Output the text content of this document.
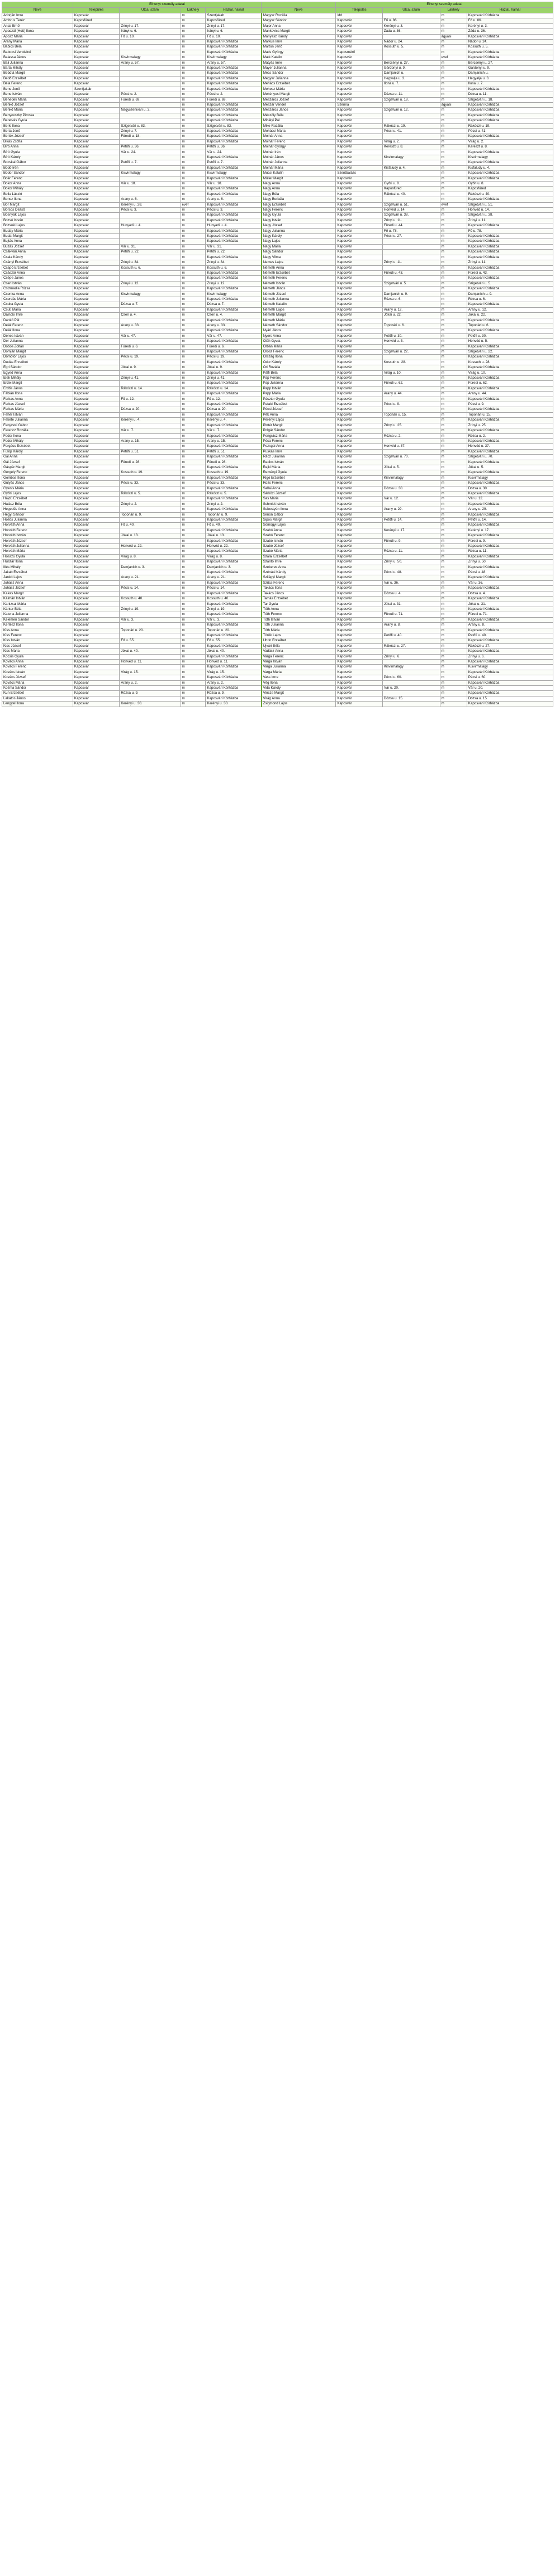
	Elhunyt személy adatai					Elhunyt személy adatai			
Neve	Település	Utca, szám	Lakhely	Hazlal. halnal	Neve	Település	Utca, szám	Lakhely	Hazlal. halnal
Adorján Imre	Kaposvár		m	Szentjakab	Magyar Rozália	Idd		m	Kaposvári Kórházba
Ambrus Teréz	Kaposfüred		m	Kaposfüred	Magyar Sándor	Kaposvár	Fő u. 86.	m	Fő u. 86.
Antal Ernő	Kaposvár	Zrínyi u. 17.	m	Zrínyi u. 17.	Major Anna	Kaposvár	Kerényi u. 3.	m	Kerényi u. 3.
Apaczál (Hott) Ilona	Kaposvár	Irányi u. 6.	m	Irányi u. 6.	Mankovics Margit	Kaposvár	Záda u. 36.	m	Záda u. 36.
Aposz Mária	Kaposvár	Fő u. 10.	m	Fő u. 10.	Manyesz Károly	Kaposvár		ágyasi	Kaposvári Kórházba
Arany Mária	Kaposvár		m	Kaposvári Kórházba	Márkus Imre	Kaposvár	Nádor u. 24.	m	Nádor u. 24.
Babics Béla	Kaposvár		m	Kaposvári Kórházba	Marton Jenő	Kaposvár	Kossuth u. 5.	m	Kossuth u. 5.
Babocsi Vendelné	Kaposvár		m	Kaposvári Kórházba	Matis György	Kaposmérő		m	Kaposvári Kórházba
Balassa János	Kaposvár	Kisvirmalagy	m	Kisvirmalagy	Matk Katalin	Kaposvár		evef	Kaposvári Kórházba
Bali Julianna	Kaposvár	Arany u. 57.	m	Arany u. 57.	Mátyás Imre	Kaposvár	Bercsényi u. 27.	m	Bercsényi u. 27.
Barta Mihály	Kaposvár		m	Kaposvári Kórházba	Mayer Julianna	Kaposvár	Gárdonyi u. 9.	m	Gárdonyi u. 9.
Bebdtá Margit	Kaposvár		m	Kaposvári Kórházba	Mécs Sándor	Kaposvár	Damjanich u.	m	Damjanich u.
Bedő Erzsébet	Kaposvár		m	Kaposvári Kórházba	Megyer Julianna	Kaposvár	Hegyalja u. 3.	m	Hegyalja u. 3.
Béla Ferenc	Kaposvár		m	Kaposvári Kórházba	Mehács Erzsébet	Kaposvár	Ilona u. 7.	m	Ilona u. 7.
Bene Jenő	Szentjakab		m	Kaposvári Kórházba	Mehesz Mária	Kaposvár		m	Kaposvári Kórházba
Bene István	Kaposvár	Pécsi u. 2.	m	Pécsi u. 2.	Mekényesi Margit	Kaposvár	Dózsa u. 11.	m	Dózsa u. 11.
Benedek Mária	Kaposvár	Füredi u. 69.	m	Füredi u. 69.	Mészáros József	Kaposvár	Szigetvári u. 18.	m	Szigetvári u. 18.
Benkő József	Kaposvár		m	Kaposvári Kórházba	Mészár Vendel	Szenna		ágyasi	Kaposvári Kórházba
Benkő Mária	Kaposvár	Nagyszenivári u. 3.	m	Kaposvári Kórházba	Mészáros János	Kaposvár	Szigetvári u. 12.	m	Kaposvári Kórházba
Benyovszky Piroska	Kaposvár		m	Kaposvári Kórházba	Mészöly Béla	Kaposvár		m	Kaposvári Kórházba
Beretvás Gyula	Kaposvár		m	Kaposvári Kórházba	Mihályi Pál	Kaposvár		m	Kaposvári Kórházba
Berki Ilona	Kaposvár	Szigetvári u. 83.	m	Szigetvári u. 83.	Mike Rozália	Kaposvár	Rákóczi u. 19.	m	Rákóczi u. 19.
Berta Jenő	Kaposvár	Zrínyi u. 7.	m	Kaposvári Kórházba	Mohácsi Mária	Kaposvár	Pécsi u. 41.	m	Pécsi u. 41.
Bertók József	Kaposvár	Füredi u. 18.	m	Kaposvári Kórházba	Molnár Anna	Kaposvár		m	Kaposvári Kórházba
Bikás Zsófia	Kaposvár		m	Kaposvári Kórházba	Molnár Ferenc	Kaposvár	Virág u. 2.	m	Virág u. 2.
Bíró Anna	Kaposvár	Petőfi u. 36.	m	Petőfi u. 36.	Molnár György	Kaposvár	Kereszt u. 8.	m	Kereszt u. 8.
Bíró Gyula	Kaposvár	Vár u. 24.	m	Vár u. 24.	Molnár Irén	Kaposvár		m	Kaposvári Kórházba
Bíró Károly	Kaposvár		m	Kaposvári Kórházba	Molnár János	Kaposvár	Kisvirmalagy	m	Kisvirmalagy
Bocskai Gábor	Kaposvár	Petőfi u. 7.	m	Petőfi u. 7.	Molnár Julianna	Kaposvár		m	Kaposvári Kórházba
Bodó Irén	Kaposvár		m	Kaposvári Kórházba	Molnár Mária	Kaposvár	Kisfaludy u. 4.	m	Kisfaludy u. 4.
Bodor Sándor	Kaposvár	Kisvirmalagy	m	Kisvirmalagy	Mucsi Katalin	Szentbalázs		m	Kaposvári Kórházba
Boér Ferenc	Kaposvár		m	Kaposvári Kórházba	Müller Margit	Kaposvár		m	Kaposvári Kórházba
Bokor Anna	Kaposvár	Vár u. 18.	m	Vár u. 18.	Nagy Anna	Kaposvár	Győri u. 8.	m	Győri u. 8.
Bokor Mihály	Kaposvár		m	Kaposvári Kórházba	Nagy Anna	Kaposvár	Kaposfüred	m	Kaposfüred
Bolla László	Kaposvár		m	Kaposvári Kórházba	Nagy Béla	Kaposvár	Rákóczi u. 40.	m	Rákóczi u. 40.
Boncz Ilona	Kaposvár	Arany u. 6.	m	Arany u. 6.	Nagy Borbála	Kaposvár		m	Kaposvári Kórházba
Bor Margit	Kaposvár	Kerényi u. 28.	evef	Kaposvári Kórházba	Nagy Erzsébet	Kaposvár	Szigetvári u. 51.	evef	Szigetvári u. 51.
Borsos Dezső	Kaposvár	Pécsi u. 3.	m	Pécsi u. 3.	Nagy Ferenc	Kaposvár	Honvéd u. 14.	m	Honvéd u. 14.
Bosnyák Lajos	Kaposvár		m	Kaposvári Kórházba	Nagy Gyula	Kaposvár	Szigetvári u. 38.	m	Szigetvári u. 38.
Bozsó István	Kaposvár		m	Kaposvári Kórházba	Nagy István	Kaposvár	Zrínyi u. 11.	m	Zrínyi u. 11.
Bozsoki Lajos	Kaposvár	Hunyadi u. 4.	m	Hunyadi u. 4.	Nagy József	Kaposvár	Füredi u. 44.	m	Kaposvári Kórházba
Buday Mária	Kaposvár		m	Kaposvári Kórházba	Nagy Julianna	Kaposvár	Fő u. 78.	m	Fő u. 78.
Budai Margit	Kaposvár		m	Kaposvári Kórházba	Nagy Károly	Kaposvár	Pécsi u. 27.	m	Kaposvári Kórházba
Bujtás Anna	Kaposvár		m	Kaposvári Kórházba	Nagy Lajos	Kaposvár		m	Kaposvári Kórházba
Buzás József	Kaposvár	Vár u. 31.	m	Vár u. 31.	Nagy Mária	Kaposvár		m	Kaposvári Kórházba
Csákvári Anna	Kaposvár	Petőfi u. 22.	m	Petőfi u. 22.	Nagy Sándor	Kaposvár		m	Kaposvári Kórházba
Csala Károly	Kaposvár		m	Kaposvári Kórházba	Nagy Vilma	Kaposvár		m	Kaposvári Kórházba
Csányi Erzsébet	Kaposvár	Zrínyi u. 34.	m	Zrínyi u. 34.	Nemes Lajos	Kaposvár	Zrínyi u. 11.	m	Zrínyi u. 11.
Csapó Erzsébet	Kaposvár	Kossuth u. 6.	m	Kossuth u. 6.	Németh Anna	Kaposvár		m	Kaposvári Kórházba
Császár Anna	Kaposvár		m	Kaposvári Kórházba	Németh Erzsébet	Kaposvár	Füredi u. 43.	m	Füredi u. 43.
Csépe János	Kaposvár		m	Kaposvári Kórházba	Németh Ferenc	Kaposvár		m	Kaposvári Kórházba
Cseri István	Kaposvár	Zrínyi u. 12.	m	Zrínyi u. 12.	Németh István	Kaposvár	Szigetvári u. 5.	m	Szigetvári u. 5.
Csizmadia Rózsa	Kaposvár		m	Kaposvári Kórházba	Németh János	Kaposvár		m	Kaposvári Kórházba
Csonka Anna	Kaposvár	Kisvirmalagy	m	Kisvirmalagy	Németh József	Kaposvár	Damjanich u. 9.	m	Damjanich u. 9.
Csordás Mária	Kaposvár		m	Kaposvári Kórházba	Németh Julianna	Kaposvár	Rózsa u. 6.	m	Rózsa u. 6.
Csuka Gyula	Kaposvár	Dózsa u. 7.	m	Dózsa u. 7.	Németh Katalin	Kaposvár		m	Kaposvári Kórházba
Csuti Mária	Kaposvár		m	Kaposvári Kórházba	Németh Lajos	Kaposvár	Arany u. 12.	m	Arany u. 12.
Dálnoki Imre	Kaposvár	Cseri u. 4.	m	Cseri u. 4.	Németh Margit	Kaposvár	Jókai u. 22.	m	Jókai u. 22.
Dankó Pál	Kaposvár		m	Kaposvári Kórházba	Németh Mária	Kaposvár		m	Kaposvári Kórházba
Deák Ferenc	Kaposvár	Arany u. 33.	m	Arany u. 33.	Németh Sándor	Kaposvár	Toponári u. 6.	m	Toponári u. 6.
Deák Ilona	Kaposvár		m	Kaposvári Kórházba	Nyári János	Kaposvár		m	Kaposvári Kórházba
Dénes István	Kaposvár	Vár u. 47.	m	Vár u. 47.	Nyers Anna	Kaposvár	Petőfi u. 30.	m	Petőfi u. 30.
Dér Julianna	Kaposvár		m	Kaposvári Kórházba	Oláh Gyula	Kaposvár	Honvéd u. 5.	m	Honvéd u. 5.
Dobos Zoltán	Kaposvár	Füredi u. 6.	m	Füredi u. 6.	Orbán Mária	Kaposvár		m	Kaposvári Kórházba
Domján Margit	Kaposvár		m	Kaposvári Kórházba	Orosz Ferenc	Kaposvár	Szigetvári u. 22.	m	Szigetvári u. 22.
Dömötör Lajos	Kaposvár	Pécsi u. 19.	m	Pécsi u. 19.	Ország Ilona	Kaposvár		m	Kaposvári Kórházba
Dudás Erzsébet	Kaposvár		m	Kaposvári Kórházba	Ódor Károly	Kaposvár	Kossuth u. 28.	m	Kossuth u. 28.
Egri Sándor	Kaposvár	Jókai u. 9.	m	Jókai u. 9.	Őri Rozália	Kaposvár		m	Kaposvári Kórházba
Egyed Anna	Kaposvár		m	Kaposvári Kórházba	Pálfi Béla	Kaposvár	Virág u. 10.	m	Virág u. 10.
Elek Mihály	Kaposvár	Zrínyi u. 41.	m	Zrínyi u. 41.	Pap Ferenc	Kaposvár		m	Kaposvári Kórházba
Erdei Margit	Kaposvár		m	Kaposvári Kórházba	Pap Julianna	Kaposvár	Füredi u. 62.	m	Füredi u. 62.
Erdős János	Kaposvár	Rákóczi u. 14.	m	Rákóczi u. 14.	Papp István	Kaposvár		m	Kaposvári Kórházba
Fábián Ilona	Kaposvár		m	Kaposvári Kórházba	Papp Mária	Kaposvár	Arany u. 44.	m	Arany u. 44.
Farkas Anna	Kaposvár	Fő u. 12.	m	Fő u. 12.	Pásztor Gyula	Kaposvár		m	Kaposvári Kórházba
Farkas József	Kaposvár		m	Kaposvári Kórházba	Pataki Erzsébet	Kaposvár	Pécsi u. 9.	m	Pécsi u. 9.
Farkas Mária	Kaposvár	Dózsa u. 20.	m	Dózsa u. 20.	Pécsi József	Kaposvár		m	Kaposvári Kórházba
Fehér István	Kaposvár		m	Kaposvári Kórházba	Pék Anna	Kaposvár	Toponári u. 15.	m	Toponári u. 15.
Fekete Julianna	Kaposvár	Kerényi u. 4.	m	Kerényi u. 4.	Perényi Lajos	Kaposvár		m	Kaposvári Kórházba
Fenyvesi Gábor	Kaposvár		m	Kaposvári Kórházba	Pintér Margit	Kaposvár	Zrínyi u. 25.	m	Zrínyi u. 25.
Ferencz Rozália	Kaposvár	Vár u. 7.	m	Vár u. 7.	Polgár Sándor	Kaposvár		m	Kaposvári Kórházba
Fodor Ilona	Kaposvár		m	Kaposvári Kórházba	Pongrácz Mária	Kaposvár	Rózsa u. 2.	m	Rózsa u. 2.
Fodor Mihály	Kaposvár	Arany u. 15.	m	Arany u. 15.	Pósa Ferenc	Kaposvár		m	Kaposvári Kórházba
Forgács Erzsébet	Kaposvár		m	Kaposvári Kórházba	Pozsgai Anna	Kaposvár	Honvéd u. 37.	m	Honvéd u. 37.
Fülöp Károly	Kaposvár	Petőfi u. 51.	m	Petőfi u. 51.	Puskás Imre	Kaposvár		m	Kaposvári Kórházba
Gál Anna	Kaposvár		m	Kaposvári Kórházba	Rácz Julianna	Kaposvár	Szigetvári u. 70.	m	Szigetvári u. 70.
Gál József	Kaposvár	Füredi u. 28.	m	Füredi u. 28.	Radics István	Kaposvár		m	Kaposvári Kórházba
Gáspár Margit	Kaposvár		m	Kaposvári Kórházba	Rajki Mária	Kaposvár	Jókai u. 5.	m	Jókai u. 5.
Gergely Ferenc	Kaposvár	Kossuth u. 19.	m	Kossuth u. 19.	Reményi Gyula	Kaposvár		m	Kaposvári Kórházba
Gombos Ilona	Kaposvár		m	Kaposvári Kórházba	Rigó Erzsébet	Kaposvár	Kisvirmalagy	m	Kisvirmalagy
Gulyás János	Kaposvár	Pécsi u. 33.	m	Pécsi u. 33.	Rozs Ferenc	Kaposvár		m	Kaposvári Kórházba
Gyenis Mária	Kaposvár		m	Kaposvári Kórházba	Sallai Anna	Kaposvár	Dózsa u. 30.	m	Dózsa u. 30.
Győri Lajos	Kaposvár	Rákóczi u. 5.	m	Rákóczi u. 5.	Sárközi József	Kaposvár		m	Kaposvári Kórházba
Hajdú Erzsébet	Kaposvár		m	Kaposvári Kórházba	Sas Mária	Kaposvár	Vár u. 12.	m	Vár u. 12.
Halász Béla	Kaposvár	Zrínyi u. 2.	m	Zrínyi u. 2.	Schmidt István	Kaposvár		m	Kaposvári Kórházba
Hegedűs Anna	Kaposvár		m	Kaposvári Kórházba	Sebestyén Ilona	Kaposvár	Arany u. 29.	m	Arany u. 29.
Hegyi Sándor	Kaposvár	Toponári u. 9.	m	Toponári u. 9.	Simon Gábor	Kaposvár		m	Kaposvári Kórházba
Hollós Julianna	Kaposvár		m	Kaposvári Kórházba	Sipos Margit	Kaposvár	Petőfi u. 14.	m	Petőfi u. 14.
Horváth Anna	Kaposvár	Fő u. 40.	m	Fő u. 40.	Somogyi Lajos	Kaposvár		m	Kaposvári Kórházba
Horváth Ferenc	Kaposvár		m	Kaposvári Kórházba	Szabó Anna	Kaposvár	Kerényi u. 17.	m	Kerényi u. 17.
Horváth István	Kaposvár	Jókai u. 13.	m	Jókai u. 13.	Szabó Ferenc	Kaposvár		m	Kaposvári Kórházba
Horváth József	Kaposvár		m	Kaposvári Kórházba	Szabó István	Kaposvár	Füredi u. 9.	m	Füredi u. 9.
Horváth Julianna	Kaposvár	Honvéd u. 22.	m	Honvéd u. 22.	Szabó József	Kaposvár		m	Kaposvári Kórházba
Horváth Mária	Kaposvár		m	Kaposvári Kórházba	Szabó Mária	Kaposvár	Rózsa u. 11.	m	Rózsa u. 11.
Hosszú Gyula	Kaposvár	Virág u. 8.	m	Virág u. 8.	Szalai Erzsébet	Kaposvár		m	Kaposvári Kórházba
Huszár Ilona	Kaposvár		m	Kaposvári Kórházba	Szántó Imre	Kaposvár	Zrínyi u. 50.	m	Zrínyi u. 50.
Illés Mihály	Kaposvár	Damjanich u. 3.	m	Damjanich u. 3.	Szekeres Anna	Kaposvár		m	Kaposvári Kórházba
Jakab Erzsébet	Kaposvár		m	Kaposvári Kórházba	Szénási Károly	Kaposvár	Pécsi u. 48.	m	Pécsi u. 48.
Jankó Lajos	Kaposvár	Arany u. 21.	m	Arany u. 21.	Szilágyi Margit	Kaposvár		m	Kaposvári Kórházba
Juhász Anna	Kaposvár		m	Kaposvári Kórházba	Szűcs Ferenc	Kaposvár	Vár u. 36.	m	Vár u. 36.
Juhász József	Kaposvár	Pécsi u. 14.	m	Pécsi u. 14.	Takács Ilona	Kaposvár		m	Kaposvári Kórházba
Kakas Margit	Kaposvár		m	Kaposvári Kórházba	Takács János	Kaposvár	Dózsa u. 4.	m	Dózsa u. 4.
Kálmán István	Kaposvár	Kossuth u. 40.	m	Kossuth u. 40.	Tamás Erzsébet	Kaposvár		m	Kaposvári Kórházba
Kanizsai Mária	Kaposvár		m	Kaposvári Kórházba	Tar Gyula	Kaposvár	Jókai u. 31.	m	Jókai u. 31.
Kántor Béla	Kaposvár	Zrínyi u. 19.	m	Zrínyi u. 19.	Tóth Anna	Kaposvár		m	Kaposvári Kórházba
Katona Julianna	Kaposvár		m	Kaposvári Kórházba	Tóth Ferenc	Kaposvár	Füredi u. 71.	m	Füredi u. 71.
Kelemen Sándor	Kaposvár	Vár u. 3.	m	Vár u. 3.	Tóth István	Kaposvár		m	Kaposvári Kórházba
Kertész Ilona	Kaposvár		m	Kaposvári Kórházba	Tóth Julianna	Kaposvár	Arany u. 8.	m	Arany u. 8.
Kiss Anna	Kaposvár	Toponári u. 20.	m	Toponári u. 20.	Tóth Mária	Kaposvár		m	Kaposvári Kórházba
Kiss Ferenc	Kaposvár		m	Kaposvári Kórházba	Török Lajos	Kaposvár	Petőfi u. 40.	m	Petőfi u. 40.
Kiss István	Kaposvár	Fő u. 55.	m	Fő u. 55.	Uhrin Erzsébet	Kaposvár		m	Kaposvári Kórházba
Kiss József	Kaposvár		m	Kaposvári Kórházba	Ujvári Béla	Kaposvár	Rákóczi u. 27.	m	Rákóczi u. 27.
Kiss Mária	Kaposvár	Jókai u. 40.	m	Jókai u. 40.	Vadász Anna	Kaposvár		m	Kaposvári Kórházba
Kocsis Gyula	Kaposvár		m	Kaposvári Kórházba	Varga Ferenc	Kaposvár	Zrínyi u. 6.	m	Zrínyi u. 6.
Kovács Anna	Kaposvár	Honvéd u. 11.	m	Honvéd u. 11.	Varga István	Kaposvár		m	Kaposvári Kórházba
Kovács Ferenc	Kaposvár		m	Kaposvári Kórházba	Varga Julianna	Kaposvár	Kisvirmalagy	m	Kisvirmalagy
Kovács István	Kaposvár	Virág u. 15.	m	Virág u. 15.	Varga Mária	Kaposvár		m	Kaposvári Kórházba
Kovács József	Kaposvár		m	Kaposvári Kórházba	Vass Imre	Kaposvár	Pécsi u. 60.	m	Pécsi u. 60.
Kovács Mária	Kaposvár	Arany u. 2.	m	Arany u. 2.	Vég Ilona	Kaposvár		m	Kaposvári Kórházba
Kozma Sándor	Kaposvár		m	Kaposvári Kórházba	Vida Károly	Kaposvár	Vár u. 20.	m	Vár u. 20.
Kun Erzsébet	Kaposvár	Rózsa u. 9.	m	Rózsa u. 9.	Vincze Margit	Kaposvár		m	Kaposvári Kórházba
Lakatos János	Kaposvár		m	Kaposvári Kórházba	Virág Anna	Kaposvár	Dózsa u. 15.	m	Dózsa u. 15.
Lengyel Ilona	Kaposvár	Kerényi u. 30.	m	Kerényi u. 30.	Zsigmond Lajos	Kaposvár		m	Kaposvári Kórházba
